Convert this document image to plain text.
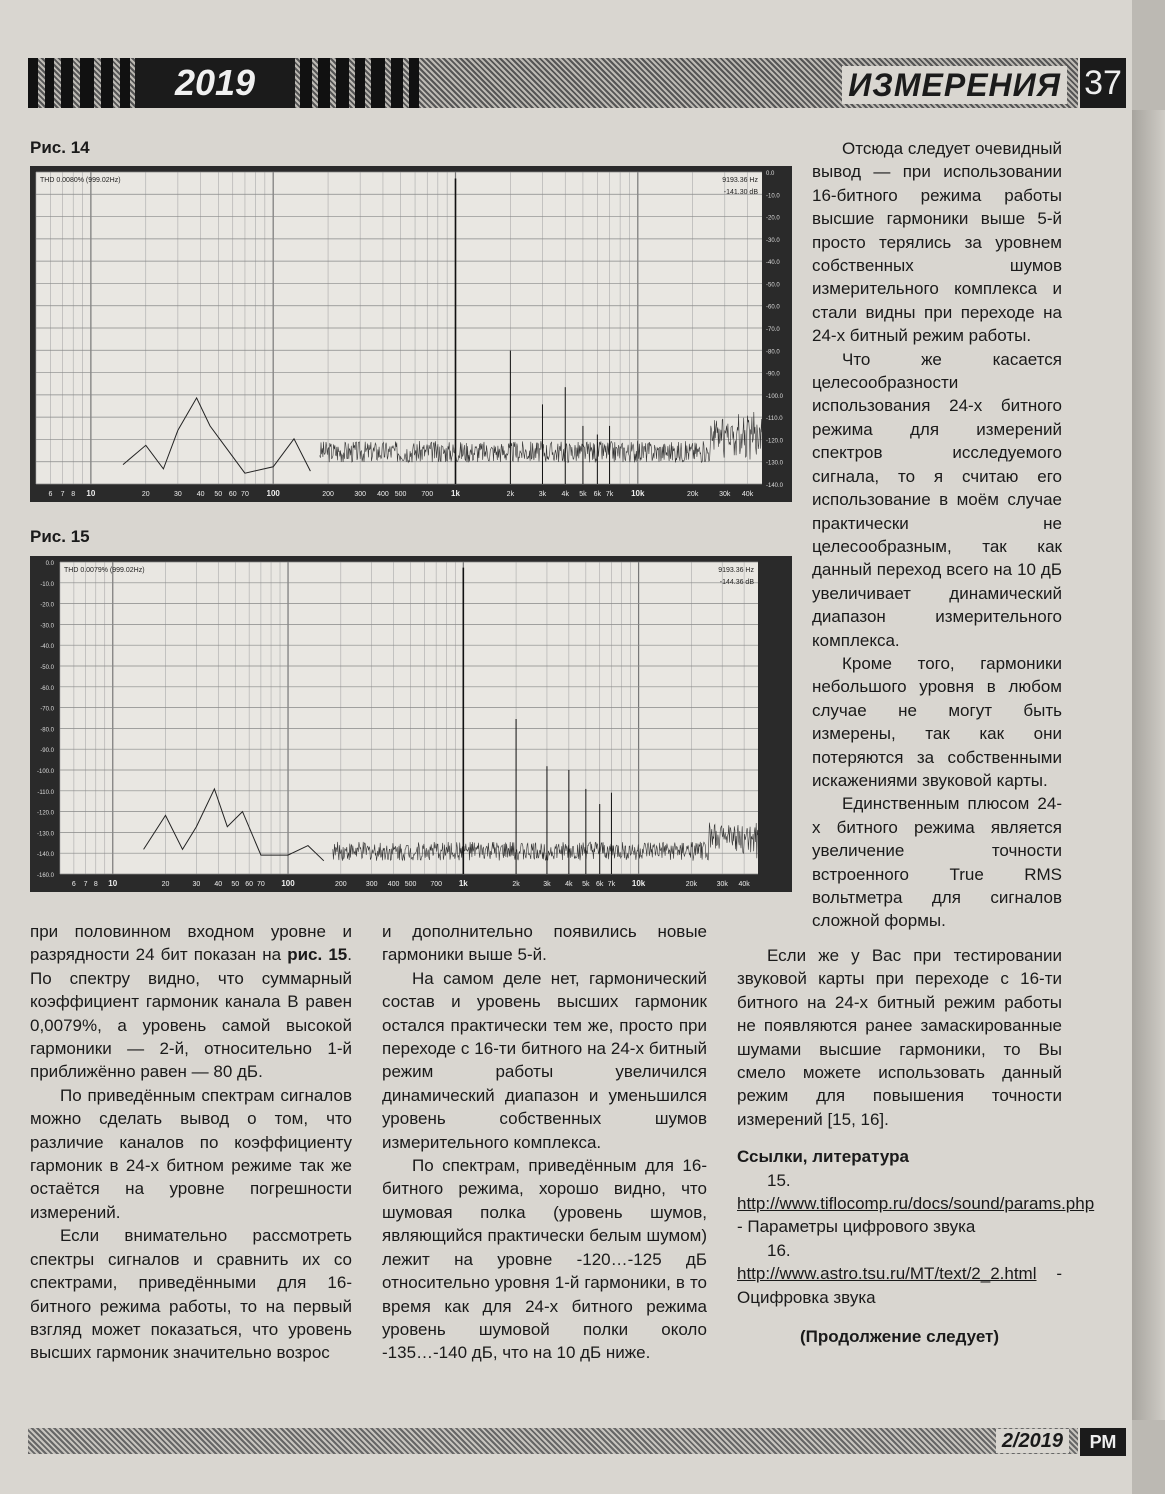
2019	ИЗМЕРЕНИЯ 37
Рис. 14
0.0
-10.0
-20.0
-30.0
-40.0
-50.0
-60.0
-70.0
-80.0
-90.0
-100.0
-110.0
-120.0
-130.0
-140.0
6 7 8 10	20	30 40 50 60 70 100	200	300 400 500 700 1k	2k	3k 4k 5k 6k 7k 10k	20k	30k 40k
THD 0.0080% (999.02Hz)	9193.36 Hz
-141.30 dB
Рис. 15
0.0
-10.0
-20.0
-30.0
-40.0
-50.0
-60.0
-70.0
-80.0
-90.0
-100.0
-110.0
-120.0
-130.0
-140.0
-160.0
6 7 8 10	20	30 40 50 60 70 100	200	300 400 500 700 1k	2k	3k 4k 5k 6k 7k 10k	20k	30k 40k
THD 0.0079% (999.02Hz)	9193.36 Hz
-144.36 dB

Отсюда следует очевидный вывод — при использовании 16-битного режима работы высшие гармоники выше 5-й просто терялись за уровнем собственных шумов измерительного комплекса и стали видны при переходе на 24-х битный режим работы.

Что же касается целесообразности использования 24-х битного режима для измерений спектров исследуемого сигнала, то я считаю его использование в моём случае практически не целесообразным, так как данный переход всего на 10 дБ увеличивает динамический диапазон измерительного комплекса.

Кроме того, гармоники небольшого уровня в любом случае не могут быть измерены, так как они потеряются за собственными искажениями звуковой карты.

Единственным плюсом 24-х битного режима является увеличение точности встроенного True RMS вольтметра для сигналов сложной формы.

Если же у Вас при тестировании звуковой карты при переходе с 16-ти битного на 24-х битный режим работы не появляются ранее замаскированные шумами высшие гармоники, то Вы смело можете использовать данный режим для повышения точности измерений [15, 16].

Ссылки, литература

15. http://www.tiflocomp.ru/docs/sound/params.php - Параметры цифрового звука

16. http://www.astro.tsu.ru/MT/text/2_2.html - Оцифровка звука

(Продолжение следует)

при половинном входном уровне и разрядности 24 бит показан на рис. 15. По спектру видно, что суммарный коэффициент гармоник канала В равен 0,0079%, а уровень самой высокой гармоники — 2-й, относительно 1-й приближённо равен — 80 дБ.

По приведённым спектрам сигналов можно сделать вывод о том, что различие каналов по коэффициенту гармоник в 24-х битном режиме так же остаётся на уровне погрешности измерений.

Если внимательно рассмотреть спектры сигналов и сравнить их со спектрами, приведёнными для 16-битного режима работы, то на первый взгляд может показаться, что уровень высших гармоник значительно возрос

и дополнительно появились новые гармоники выше 5-й.

На самом деле нет, гармонический состав и уровень высших гармоник остался практически тем же, просто при переходе с 16-ти битного на 24-х битный режим работы увеличился динамический диапазон и уменьшился уровень собственных шумов измерительного комплекса.

По спектрам, приведённым для 16-битного режима, хорошо видно, что шумовая полка (уровень шумов, являющийся практически белым шумом) лежит на уровне -120…-125 дБ относительно уровня 1-й гармоники, в то время как для 24-х битного режима уровень шумовой полки около -135…-140 дБ, что на 10 дБ ниже.

2/2019	РМ
